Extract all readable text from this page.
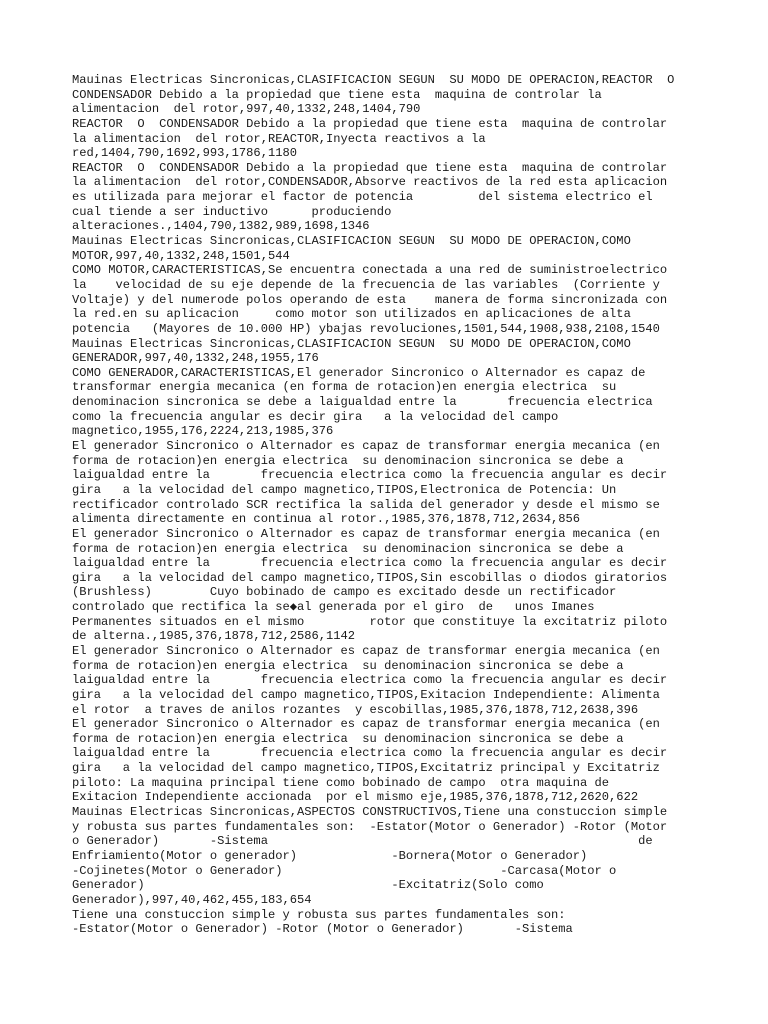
Mauinas Electricas Sincronicas,CLASIFICACION SEGUN  SU MODO DE OPERACION,REACTOR  O
CONDENSADOR Debido a la propiedad que tiene esta  maquina de controlar la
alimentacion  del rotor,997,40,1332,248,1404,790
REACTOR  O  CONDENSADOR Debido a la propiedad que tiene esta  maquina de controlar
la alimentacion  del rotor,REACTOR,Inyecta reactivos a la
red,1404,790,1692,993,1786,1180
REACTOR  O  CONDENSADOR Debido a la propiedad que tiene esta  maquina de controlar
la alimentacion  del rotor,CONDENSADOR,Absorve reactivos de la red esta aplicacion
es utilizada para mejorar el factor de potencia         del sistema electrico el
cual tiende a ser inductivo      produciendo
alteraciones.,1404,790,1382,989,1698,1346
Mauinas Electricas Sincronicas,CLASIFICACION SEGUN  SU MODO DE OPERACION,COMO
MOTOR,997,40,1332,248,1501,544
COMO MOTOR,CARACTERISTICAS,Se encuentra conectada a una red de suministroelectrico
la    velocidad de su eje depende de la frecuencia de las variables  (Corriente y
Voltaje) y del numerode polos operando de esta    manera de forma sincronizada con
la red.en su aplicacion     como motor son utilizados en aplicaciones de alta
potencia   (Mayores de 10.000 HP) ybajas revoluciones,1501,544,1908,938,2108,1540
Mauinas Electricas Sincronicas,CLASIFICACION SEGUN  SU MODO DE OPERACION,COMO
GENERADOR,997,40,1332,248,1955,176
COMO GENERADOR,CARACTERISTICAS,El generador Sincronico o Alternador es capaz de
transformar energia mecanica (en forma de rotacion)en energia electrica  su
denominacion sincronica se debe a laigualdad entre la       frecuencia electrica
como la frecuencia angular es decir gira   a la velocidad del campo
magnetico,1955,176,2224,213,1985,376
El generador Sincronico o Alternador es capaz de transformar energia mecanica (en
forma de rotacion)en energia electrica  su denominacion sincronica se debe a
laigualdad entre la       frecuencia electrica como la frecuencia angular es decir
gira   a la velocidad del campo magnetico,TIPOS,Electronica de Potencia: Un
rectificador controlado SCR rectifica la salida del generador y desde el mismo se
alimenta directamente en continua al rotor.,1985,376,1878,712,2634,856
El generador Sincronico o Alternador es capaz de transformar energia mecanica (en
forma de rotacion)en energia electrica  su denominacion sincronica se debe a
laigualdad entre la       frecuencia electrica como la frecuencia angular es decir
gira   a la velocidad del campo magnetico,TIPOS,Sin escobillas o diodos giratorios
(Brushless)        Cuyo bobinado de campo es excitado desde un rectificador
controlado que rectifica la se◆al generada por el giro  de   unos Imanes
Permanentes situados en el mismo         rotor que constituye la excitatriz piloto
de alterna.,1985,376,1878,712,2586,1142
El generador Sincronico o Alternador es capaz de transformar energia mecanica (en
forma de rotacion)en energia electrica  su denominacion sincronica se debe a
laigualdad entre la       frecuencia electrica como la frecuencia angular es decir
gira   a la velocidad del campo magnetico,TIPOS,Exitacion Independiente: Alimenta
el rotor  a traves de anilos rozantes  y escobillas,1985,376,1878,712,2638,396
El generador Sincronico o Alternador es capaz de transformar energia mecanica (en
forma de rotacion)en energia electrica  su denominacion sincronica se debe a
laigualdad entre la       frecuencia electrica como la frecuencia angular es decir
gira   a la velocidad del campo magnetico,TIPOS,Excitatriz principal y Excitatriz
piloto: La maquina principal tiene como bobinado de campo  otra maquina de
Exitacion Independiente accionada  por el mismo eje,1985,376,1878,712,2620,622
Mauinas Electricas Sincronicas,ASPECTOS CONSTRUCTIVOS,Tiene una constuccion simple
y robusta sus partes fundamentales son:  -Estator(Motor o Generador) -Rotor (Motor
o Generador)       -Sistema                                                   de
Enfriamiento(Motor o generador)             -Bornera(Motor o Generador)
-Cojinetes(Motor o Generador)                              -Carcasa(Motor o
Generador)                                  -Excitatriz(Solo como
Generador),997,40,462,455,183,654
Tiene una constuccion simple y robusta sus partes fundamentales son:
-Estator(Motor o Generador) -Rotor (Motor o Generador)       -Sistema
